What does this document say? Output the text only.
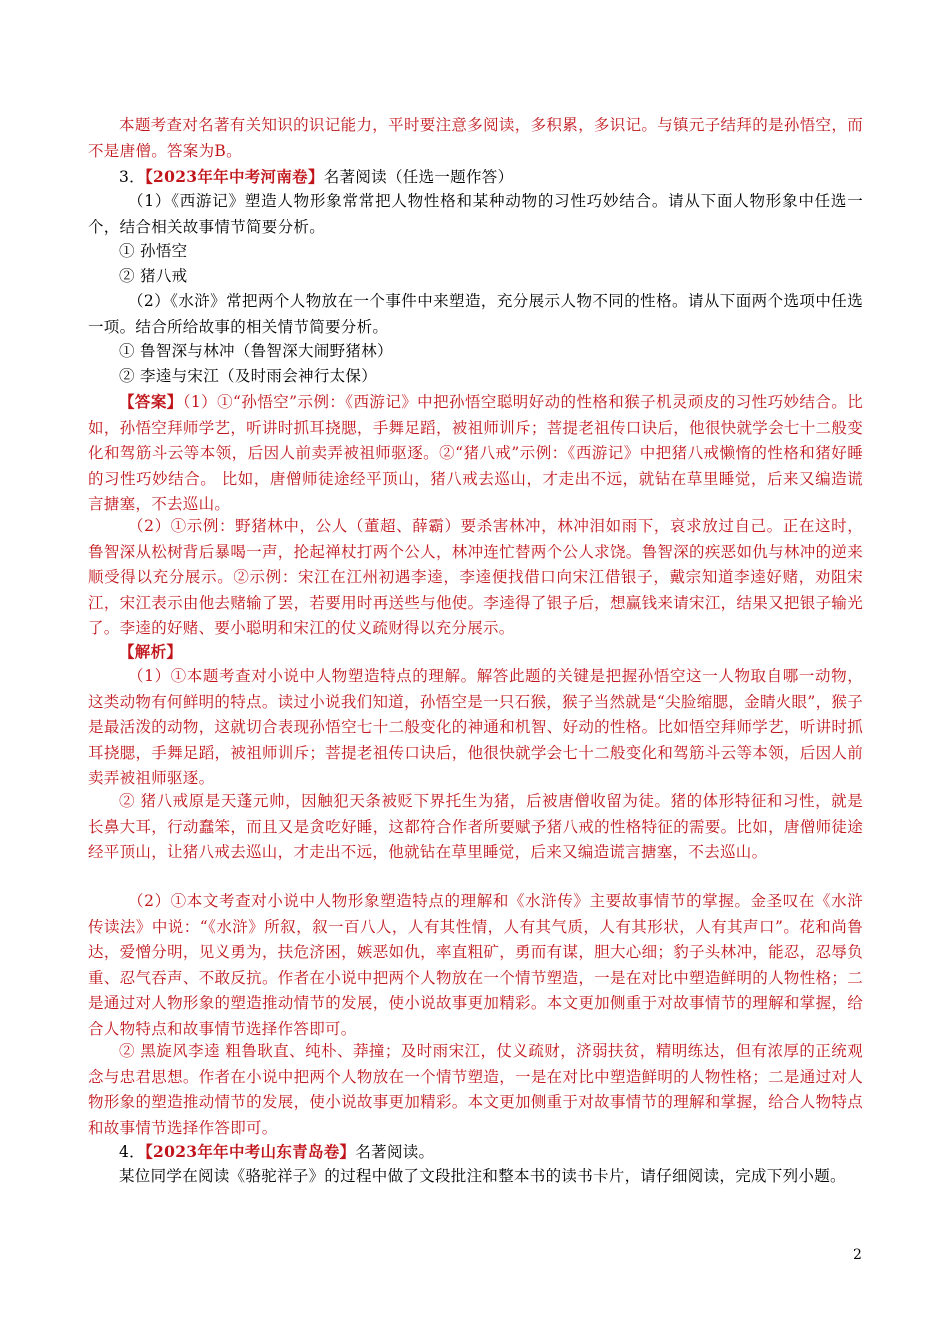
本题考查对名著有关知识的识记能力，平时要注意多阅读，多积累，多识记。与镇元子结拜的是孙悟空，而不是唐僧。答案为B。

3．【2023年年中考河南卷】名著阅读（任选一题作答）

（1）《西游记》塑造人物形象常常把人物性格和某种动物的习性巧妙结合。请从下面人物形象中任选一个，结合相关故事情节简要分析。

① 孙悟空

② 猪八戒

（2）《水浒》常把两个人物放在一个事件中来塑造，充分展示人物不同的性格。请从下面两个选项中任选一项。结合所给故事的相关情节简要分析。

① 鲁智深与林冲（鲁智深大闹野猪林）

② 李逵与宋江（及时雨会神行太保）

【答案】（1）①“孙悟空”示例：《西游记》中把孙悟空聪明好动的性格和猴子机灵顽皮的习性巧妙结合。比如，孙悟空拜师学艺，听讲时抓耳挠腮，手舞足蹈，被祖师训斥；菩提老祖传口诀后，他很快就学会七十二般变化和驾筋斗云等本领，后因人前卖弄被祖师驱逐。②“猪八戒”示例：《西游记》中把猪八戒懒惰的性格和猪好睡的习性巧妙结合。 比如，唐僧师徒途经平顶山，猪八戒去巡山，才走出不远，就钻在草里睡觉，后来又编造谎言搪塞，不去巡山。

（2）①示例：野猪林中，公人（董超、薛霸）要杀害林冲，林冲泪如雨下，哀求放过自己。正在这时，鲁智深从松树背后暴喝一声，抡起禅杖打两个公人，林冲连忙替两个公人求饶。鲁智深的疾恶如仇与林冲的逆来顺受得以充分展示。②示例：宋江在江州初遇李逵，李逵便找借口向宋江借银子，戴宗知道李逵好赌，劝阻宋江，宋江表示由他去赌输了罢，若要用时再送些与他使。李逵得了银子后，想赢钱来请宋江，结果又把银子输光了。李逵的好赌、要小聪明和宋江的仗义疏财得以充分展示。

【解析】

（1）①本题考查对小说中人物塑造特点的理解。解答此题的关键是把握孙悟空这一人物取自哪一动物，这类动物有何鲜明的特点。读过小说我们知道，孙悟空是一只石猴，猴子当然就是“尖脸缩腮，金睛火眼”，猴子是最活泼的动物，这就切合表现孙悟空七十二般变化的神通和机智、好动的性格。比如悟空拜师学艺，听讲时抓耳挠腮，手舞足蹈，被祖师训斥；菩提老祖传口诀后，他很快就学会七十二般变化和驾筋斗云等本领，后因人前卖弄被祖师驱逐。

② 猪八戒原是天蓬元帅，因触犯天条被贬下界托生为猪，后被唐僧收留为徒。猪的体形特征和习性，就是长鼻大耳，行动蠢笨，而且又是贪吃好睡，这都符合作者所要赋予猪八戒的性格特征的需要。比如，唐僧师徒途经平顶山，让猪八戒去巡山，才走出不远，他就钻在草里睡觉，后来又编造谎言搪塞，不去巡山。

（2）①本文考查对小说中人物形象塑造特点的理解和《水浒传》主要故事情节的掌握。金圣叹在《水浒传读法》中说：“《水浒》所叙，叙一百八人，人有其性情，人有其气质，人有其形状，人有其声口”。花和尚鲁达，爱憎分明，见义勇为，扶危济困，嫉恶如仇，率直粗矿，勇而有谋，胆大心细；豹子头林冲，能忍，忍辱负重、忍气吞声、不敢反抗。作者在小说中把两个人物放在一个情节塑造，一是在对比中塑造鲜明的人物性格；二是通过对人物形象的塑造推动情节的发展，使小说故事更加精彩。本文更加侧重于对故事情节的理解和掌握，给合人物特点和故事情节选择作答即可。

② 黑旋风李逵 粗鲁耿直、纯朴、莽撞；及时雨宋江，仗义疏财，济弱扶贫，精明练达，但有浓厚的正统观念与忠君思想。作者在小说中把两个人物放在一个情节塑造，一是在对比中塑造鲜明的人物性格；二是通过对人物形象的塑造推动情节的发展，使小说故事更加精彩。本文更加侧重于对故事情节的理解和掌握，给合人物特点和故事情节选择作答即可。

4．【2023年年中考山东青岛卷】名著阅读。

某位同学在阅读《骆驼祥子》的过程中做了文段批注和整本书的读书卡片，请仔细阅读，完成下列小题。

2
